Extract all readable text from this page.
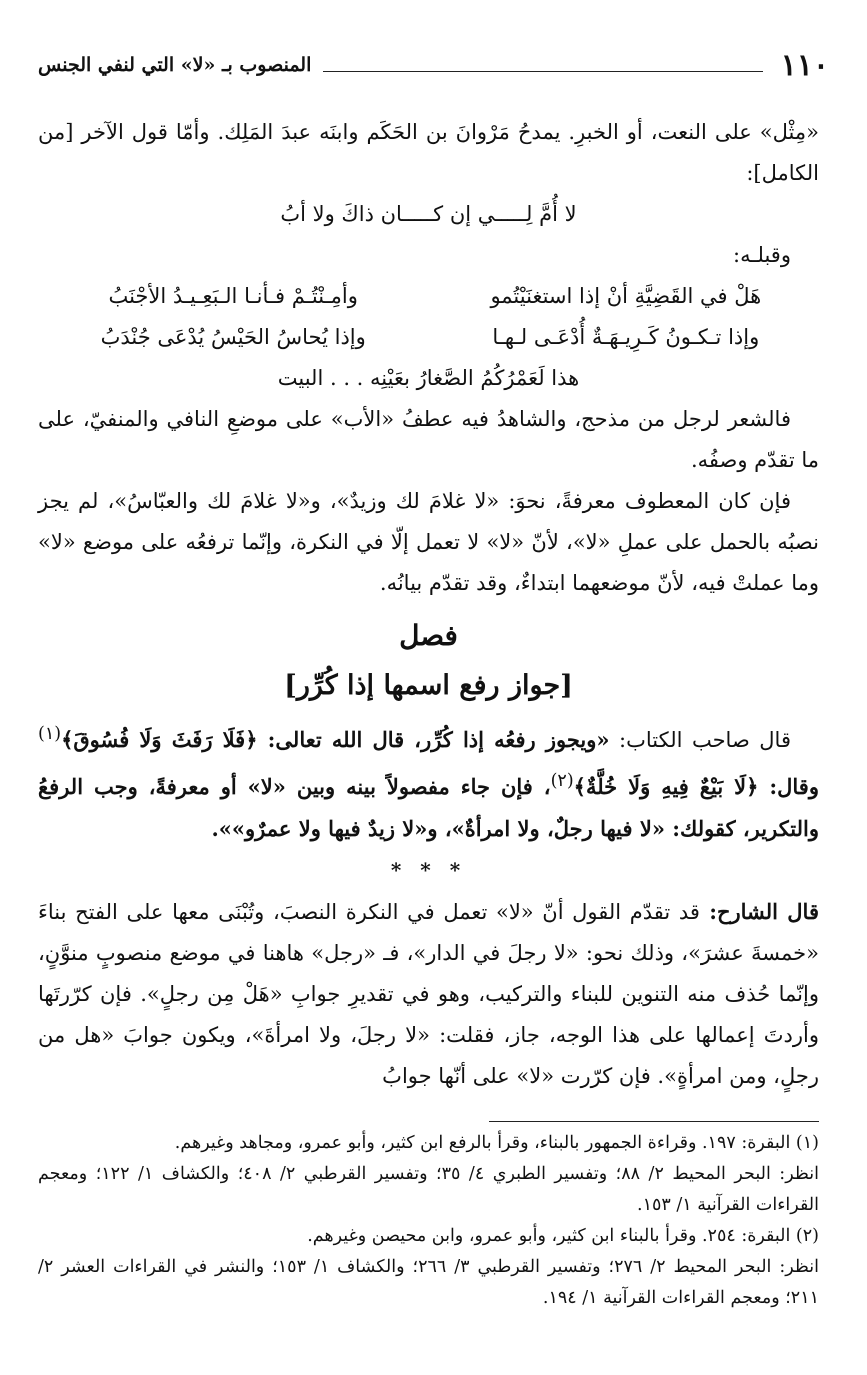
١١٠
المنصوب بـ «لا» التي لنفي الجنس

«مِثْل» على النعت، أو الخبرِ. يمدحُ مَرْوانَ بن الحَكَم وابنَه عبدَ المَلِك. وأمّا قول الآخر [من الكامل]:

لا أُمَّ لِـــــي إن كـــــان ذاكَ ولا أبُ

وقبلـه:

هَلْ في القَضِيَّةِ أنْ إذا استغنَيْتُمو
وأمِـنْتُـمْ فـأنـا الـبَعِـيـدُ الأجْنَبُ
وإذا تـكـونُ كَـرِيـهَـةٌ أُدْعَـى لـهـا
وإذا يُحاسُ الحَيْسُ يُدْعَى جُنْدَبُ

هذا لَعَمْرُكُمُ الصَّغارُ بعَيْنِه . . . البيت

فالشعر لرجل من مذحج، والشاهدُ فيه عطفُ «الأب» على موضعِ النافي والمنفيّ، على ما تقدّم وصفُه.

فإن كان المعطوف معرفةً، نحوَ: «لا غلامَ لك وزيدٌ»، و«لا غلامَ لك والعبّاسُ»، لم يجز نصبُه بالحمل على عملِ «لا»، لأنّ «لا» لا تعمل إلّا في النكرة، وإنّما ترفعُه على موضع «لا» وما عملتْ فيه، لأنّ موضعهما ابتداءٌ، وقد تقدّم بيانُه.

فصل
[جواز رفع اسمها إذا كُرِّر]

قال صاحب الكتاب: «ويجوز رفعُه إذا كُرِّر، قال الله تعالى: ﴿فَلَا رَفَثَ وَلَا فُسُوقَ﴾$^{(١)}$ وقال: ﴿لَا بَيْعٌ فِيهِ وَلَا خُلَّةٌ﴾$^{(٢)}$، فإن جاء مفصولاً بينه وبين «لا» أو معرفةً، وجب الرفعُ والتكرير، كقولك: «لا فيها رجلٌ، ولا امرأةٌ»، و«لا زيدٌ فيها ولا عمرٌو»».

* * *

قال الشارح: قد تقدّم القول أنّ «لا» تعمل في النكرة النصبَ، وتُبْنَى معها على الفتح بناءَ «خمسةَ عشرَ»، وذلك نحو: «لا رجلَ في الدار»، فـ «رجل» هاهنا في موضع منصوبٍ منوَّنٍ، وإنّما حُذف منه التنوين للبناء والتركيب، وهو في تقديرِ جوابِ «هَلْ مِن رجلٍ». فإن كرّرتَها وأردتَ إعمالها على هذا الوجه، جاز، فقلت: «لا رجلَ، ولا امرأةَ»، ويكون جوابَ «هل من رجلٍ، ومن امرأةٍ». فإن كرّرت «لا» على أنّها جوابُ

(١) البقرة: ١٩٧. وقراءة الجمهور بالبناء، وقرأ بالرفع ابن كثير، وأبو عمرو، ومجاهد وغيرهم.

انظر: البحر المحيط ٢/ ٨٨؛ وتفسير الطبري ٤/ ٣٥؛ وتفسير القرطبي ٢/ ٤٠٨؛ والكشاف ١/ ١٢٢؛ ومعجم القراءات القرآنية ١/ ١٥٣.

(٢) البقرة: ٢٥٤. وقرأ بالبناء ابن كثير، وأبو عمرو، وابن محيصن وغيرهم.

انظر: البحر المحيط ٢/ ٢٧٦؛ وتفسير القرطبي ٣/ ٢٦٦؛ والكشاف ١/ ١٥٣؛ والنشر في القراءات العشر ٢/ ٢١١؛ ومعجم القراءات القرآنية ١/ ١٩٤.
